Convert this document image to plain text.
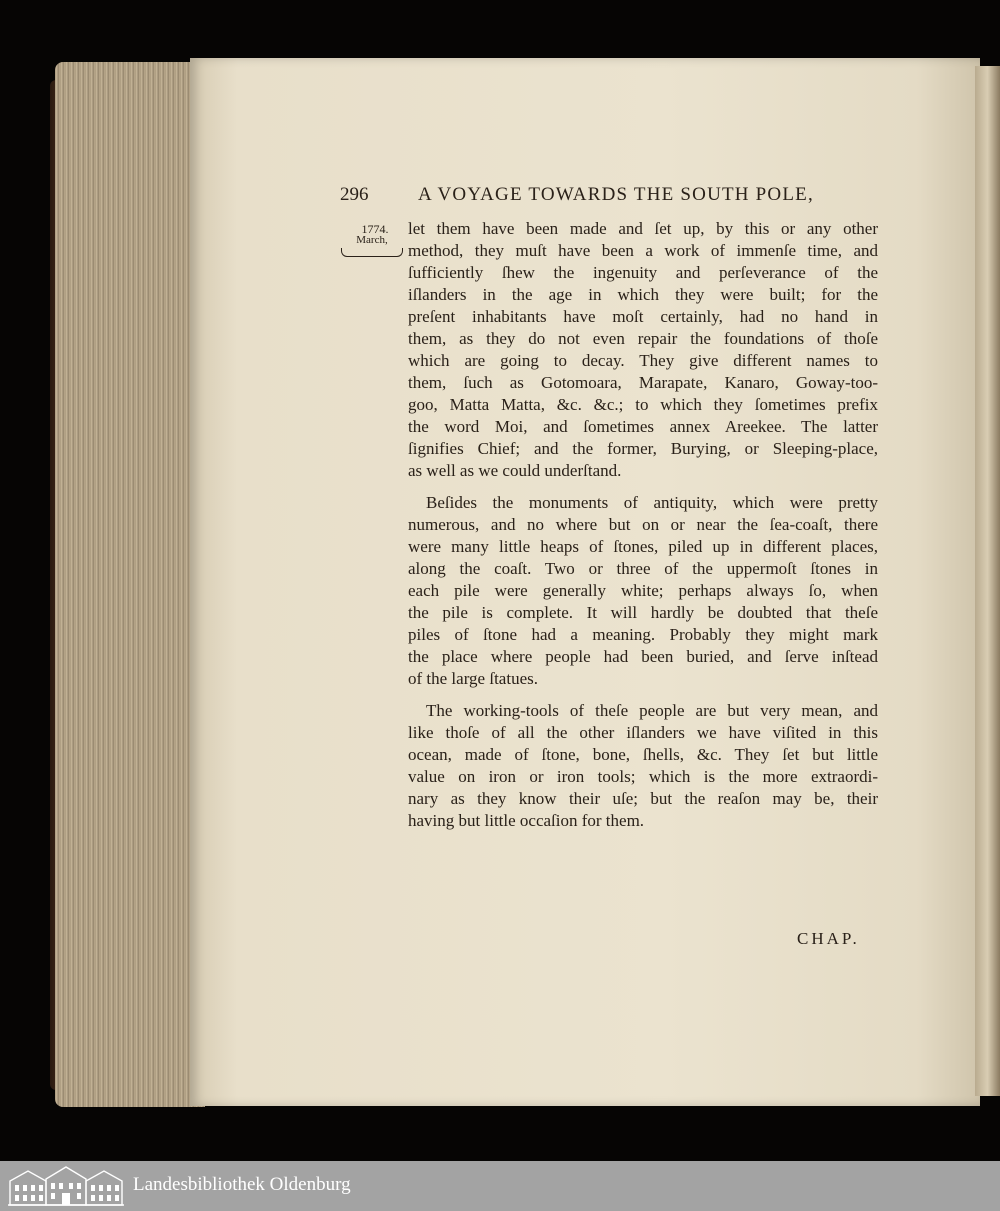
296	A VOYAGE TOWARDS THE SOUTH POLE,
1774.
March,
let them have been made and ſet up, by this or any other
method, they muſt have been a work of immenſe time, and
ſufficiently ſhew the ingenuity and perſeverance of the
iſlanders in the age in which they were built; for the
preſent inhabitants have moſt certainly, had no hand in
them, as they do not even repair the foundations of thoſe
which are going to decay. They give different names to
them, ſuch as Gotomoara, Marapate, Kanaro, Goway-too-
goo, Matta Matta, &c. &c.; to which they ſometimes prefix
the word Moi, and ſometimes annex Areekee. The latter
ſignifies Chief; and the former, Burying, or Sleeping-place,
as well as we could underſtand.
Beſides the monuments of antiquity, which were pretty
numerous, and no where but on or near the ſea-coaſt, there
were many little heaps of ſtones, piled up in different places,
along the coaſt. Two or three of the uppermoſt ſtones in
each pile were generally white; perhaps always ſo, when
the pile is complete. It will hardly be doubted that theſe
piles of ſtone had a meaning. Probably they might mark
the place where people had been buried, and ſerve inſtead
of the large ſtatues.
The working-tools of theſe people are but very mean, and
like thoſe of all the other iſlanders we have viſited in this
ocean, made of ſtone, bone, ſhells, &c. They ſet but little
value on iron or iron tools; which is the more extraordi-
nary as they know their uſe; but the reaſon may be, their
having but little occaſion for them.
CHAP.
Landesbibliothek Oldenburg
